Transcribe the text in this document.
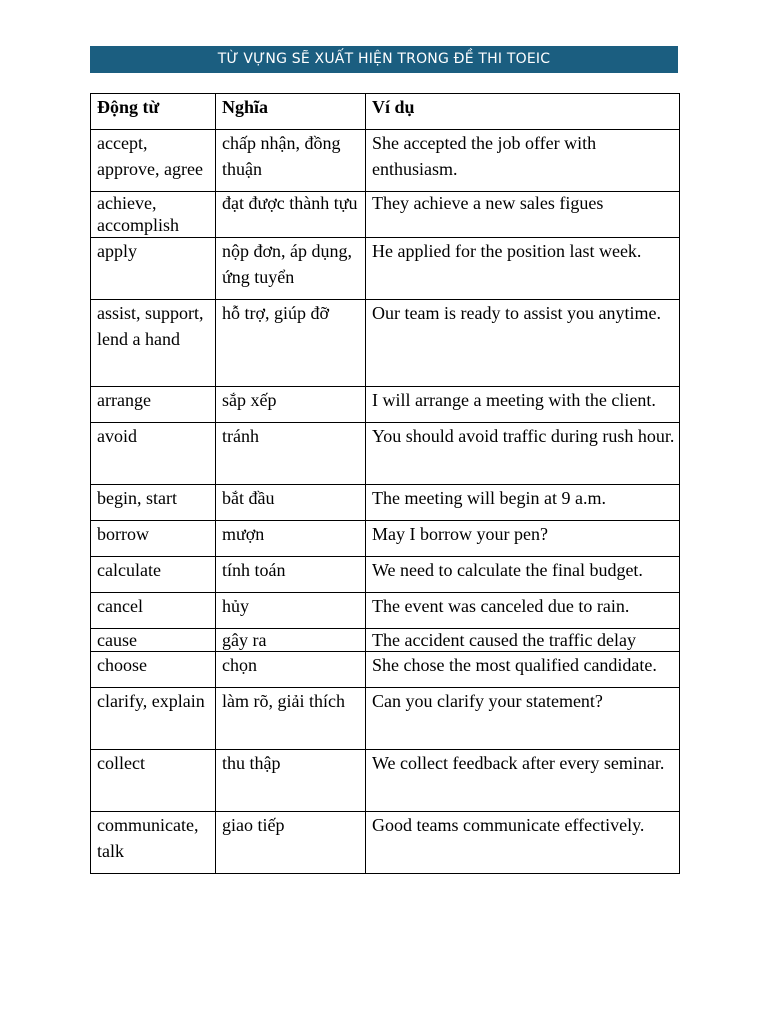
TỪ VỰNG SẼ XUẤT HIỆN TRONG ĐỀ THI TOEIC
Động từ	Nghĩa	Ví dụ
accept, approve, agree	chấp nhận, đồng thuận	She accepted the job offer with enthusiasm.
achieve, accomplish	đạt được thành tựu	They achieve a new sales figues
apply	nộp đơn, áp dụng, ứng tuyển	He applied for the position last week.
assist, support, lend a hand	hỗ trợ, giúp đỡ	Our team is ready to assist you anytime.
arrange	sắp xếp	I will arrange a meeting with the client.
avoid	tránh	You should avoid traffic during rush hour.
begin, start	bắt đầu	The meeting will begin at 9 a.m.
borrow	mượn	May I borrow your pen?
calculate	tính toán	We need to calculate the final budget.
cancel	hủy	The event was canceled due to rain.
cause	gây ra	The accident caused the traffic delay
choose	chọn	She chose the most qualified candidate.
clarify, explain	làm rõ, giải thích	Can you clarify your statement?
collect	thu thập	We collect feedback after every seminar.
communicate, talk	giao tiếp	Good teams communicate effectively.
